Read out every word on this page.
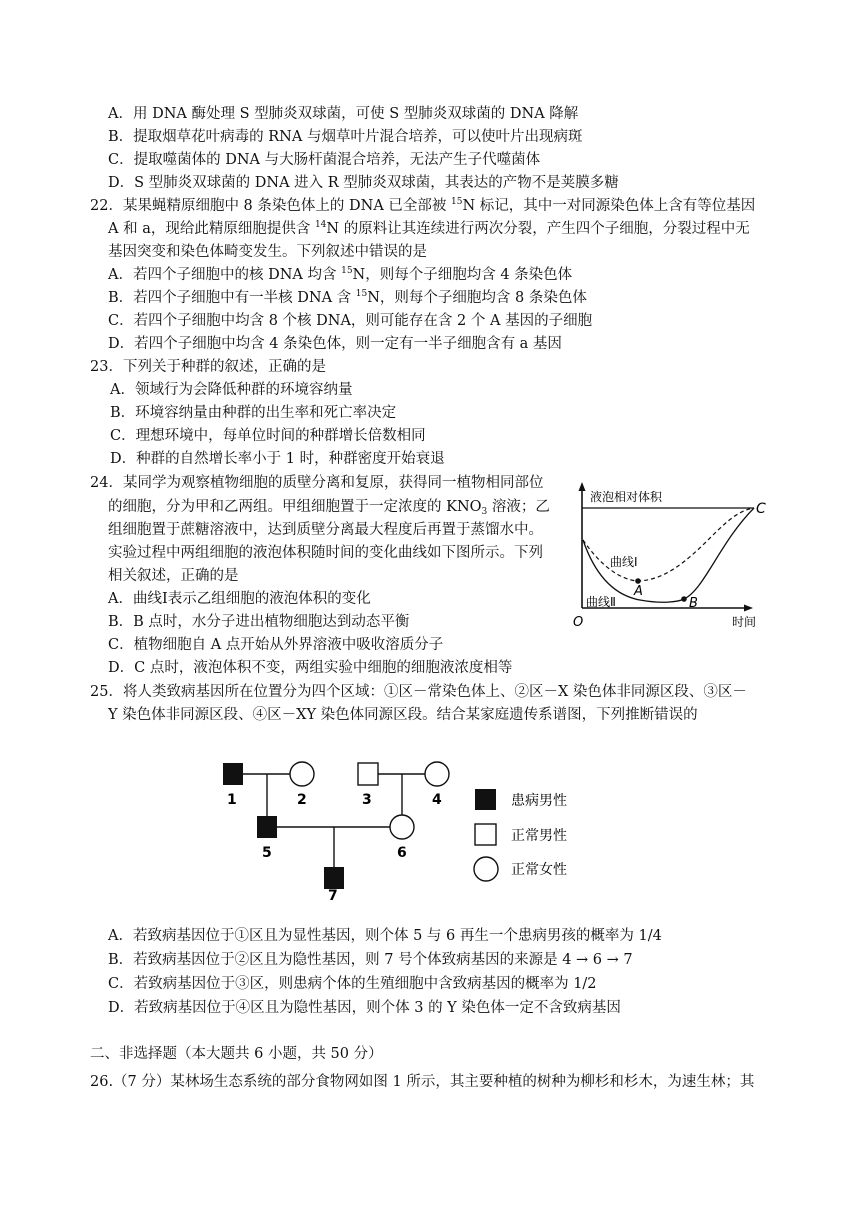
A．用 DNA 酶处理 S 型肺炎双球菌，可使 S 型肺炎双球菌的 DNA 降解
B．提取烟草花叶病毒的 RNA 与烟草叶片混合培养，可以使叶片出现病斑
C．提取噬菌体的 DNA 与大肠杆菌混合培养，无法产生子代噬菌体
D．S 型肺炎双球菌的 DNA 进入 R 型肺炎双球菌，其表达的产物不是荚膜多糖
22．某果蝇精原细胞中 8 条染色体上的 DNA 已全部被 $^{15}$N 标记，其中一对同源染色体上含有等位基因
A 和 a，现给此精原细胞提供含 $^{14}$N 的原料让其连续进行两次分裂，产生四个子细胞，分裂过程中无
基因突变和染色体畸变发生。下列叙述中错误的是
A．若四个子细胞中的核 DNA 均含 $^{15}$N，则每个子细胞均含 4 条染色体
B．若四个子细胞中有一半核 DNA 含 $^{15}$N，则每个子细胞均含 8 条染色体
C．若四个子细胞中均含 8 个核 DNA，则可能存在含 2 个 A 基因的子细胞
D．若四个子细胞中均含 4 条染色体，则一定有一半子细胞含有 a 基因
23．下列关于种群的叙述，正确的是
A．领域行为会降低种群的环境容纳量
B．环境容纳量由种群的出生率和死亡率决定
C．理想环境中，每单位时间的种群增长倍数相同
D．种群的自然增长率小于 1 时，种群密度开始衰退
24．某同学为观察植物细胞的质壁分离和复原，获得同一植物相同部位
的细胞，分为甲和乙两组。甲组细胞置于一定浓度的 $KNO_3$ 溶液；乙
组细胞置于蔗糖溶液中，达到质壁分离最大程度后再置于蒸馏水中。
实验过程中两组细胞的液泡体积随时间的变化曲线如下图所示。下列
相关叙述，正确的是
A．曲线Ⅰ表示乙组细胞的液泡体积的变化
B．B 点时，水分子进出植物细胞达到动态平衡
C．植物细胞自 A 点开始从外界溶液中吸收溶质分子
D．C 点时，液泡体积不变，两组实验中细胞的细胞液浓度相等
液泡相对体积
时间
O
曲线Ⅰ
曲线Ⅱ
A
B
C
25．将人类致病基因所在位置分为四个区域：①区－常染色体上、②区－X 染色体非同源区段、③区－
Y 染色体非同源区段、④区－XY 染色体同源区段。结合某家庭遗传系谱图，下列推断错误的
1	2	3	4
5	6
7
患病男性
正常男性
正常女性
A．若致病基因位于①区且为显性基因，则个体 5 与 6 再生一个患病男孩的概率为 1/4
B．若致病基因位于②区且为隐性基因，则 7 号个体致病基因的来源是 4 → 6 → 7
C．若致病基因位于③区，则患病个体的生殖细胞中含致病基因的概率为 1/2
D．若致病基因位于④区且为隐性基因，则个体 3 的 Y 染色体一定不含致病基因
二、非选择题（本大题共 6 小题，共 50 分）
26.（7 分）某林场生态系统的部分食物网如图 1 所示，其主要种植的树种为柳杉和杉木，为速生林；其
